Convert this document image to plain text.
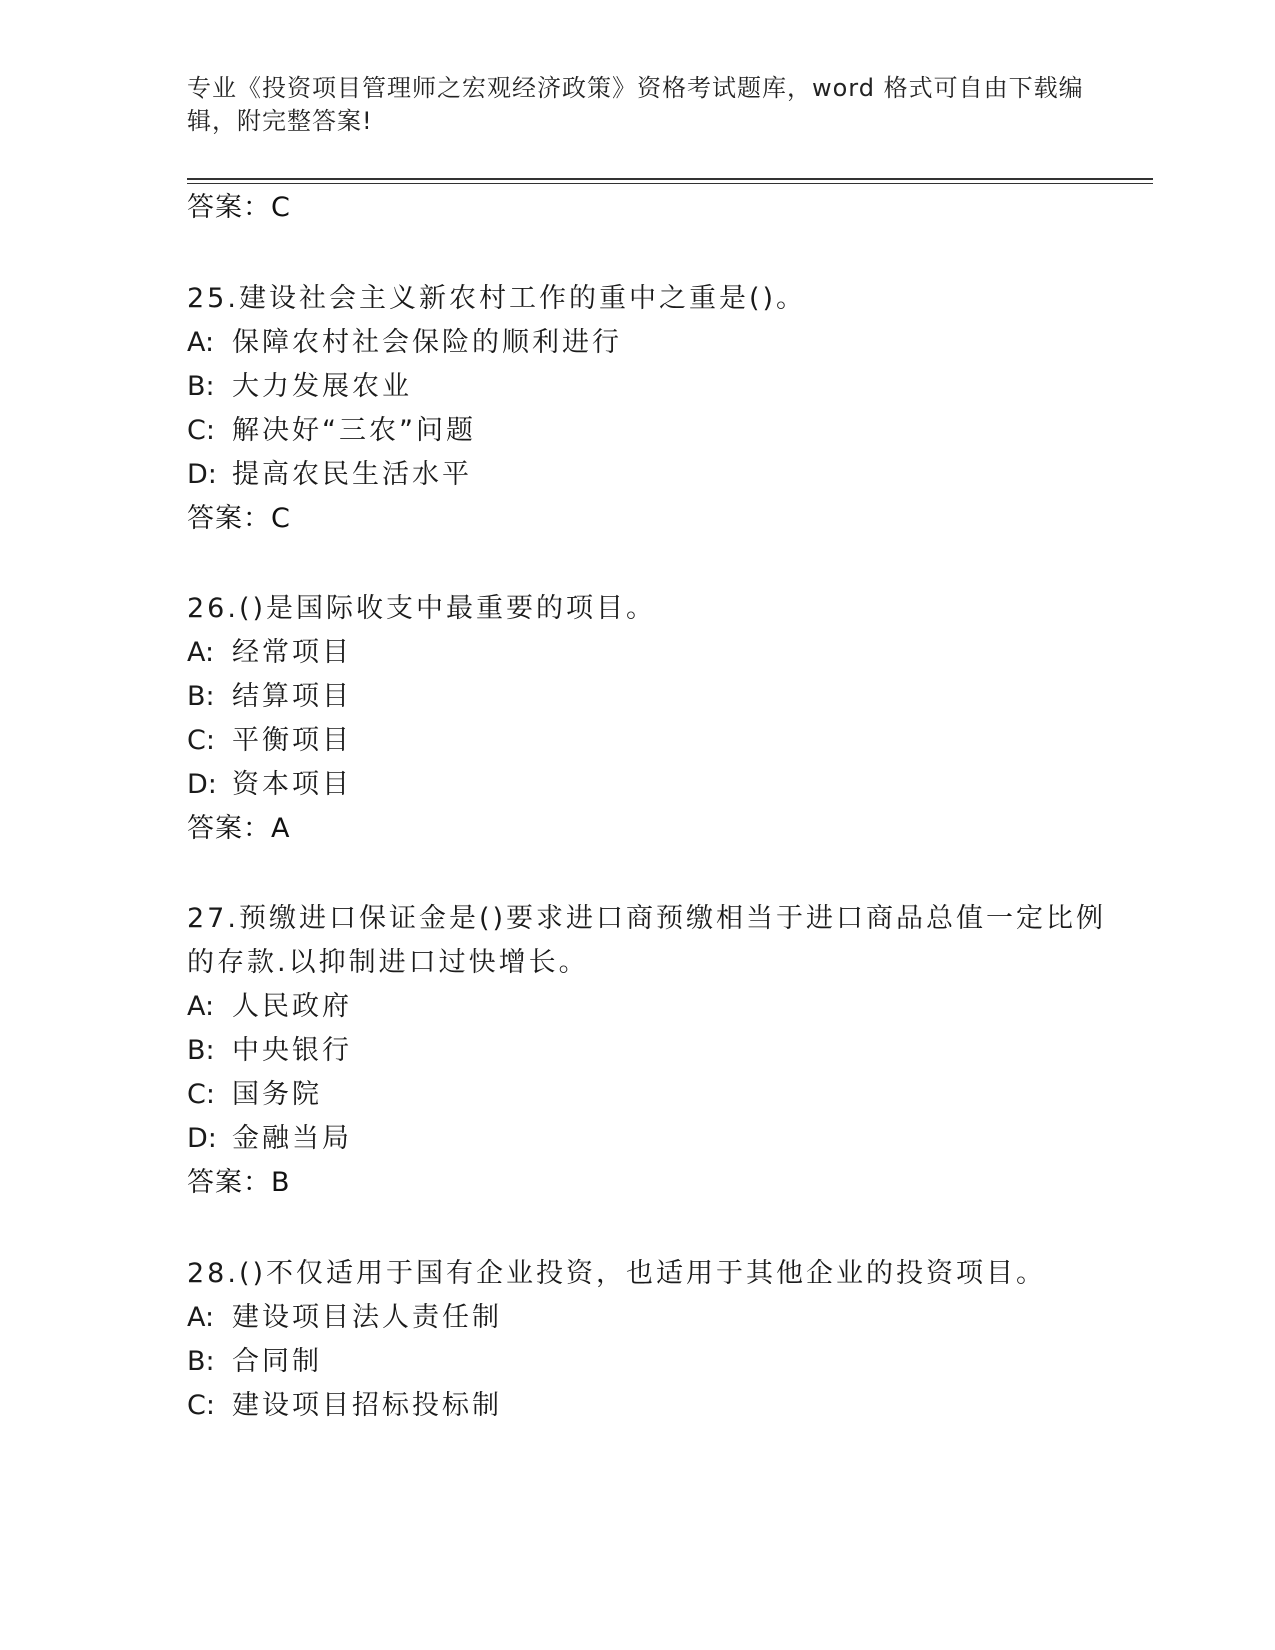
专业《投资项目管理师之宏观经济政策》资格考试题库，word 格式可自由下载编
辑，附完整答案!
答案：C
25.建设社会主义新农村工作的重中之重是()。
A: 保障农村社会保险的顺利进行
B: 大力发展农业
C: 解决好“三农”问题
D: 提高农民生活水平
答案：C
26.()是国际收支中最重要的项目。
A: 经常项目
B: 结算项目
C: 平衡项目
D: 资本项目
答案：A
27.预缴进口保证金是()要求进口商预缴相当于进口商品总值一定比例
的存款.以抑制进口过快增长。
A: 人民政府
B: 中央银行
C: 国务院
D: 金融当局
答案：B
28.()不仅适用于国有企业投资，也适用于其他企业的投资项目。
A: 建设项目法人责任制
B: 合同制
C: 建设项目招标投标制
